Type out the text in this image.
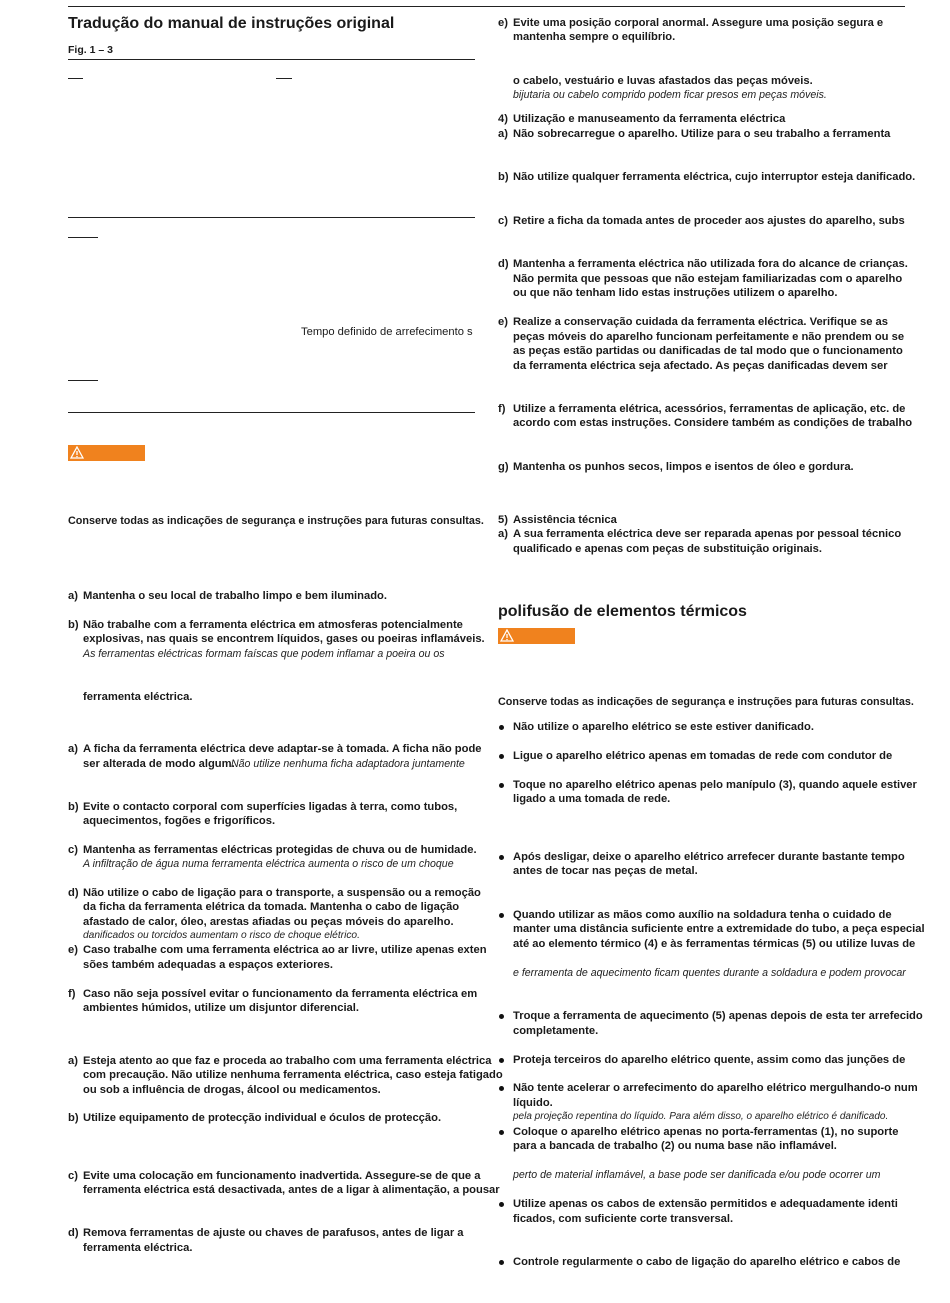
Tradução do manual de instruções original
Fig. 1 – 3
Tempo definido de arrefecimento s
Conserve todas as indicações de segurança e instruções para futuras consultas.
a) Mantenha o seu local de trabalho limpo e bem iluminado.
b) Não trabalhe com a ferramenta eléctrica em atmosferas potencialmente
explosivas, nas quais se encontrem líquidos, gases ou poeiras inflamáveis.
As ferramentas eléctricas formam faíscas que podem inflamar a poeira ou os
ferramenta eléctrica.
a) A ficha da ferramenta eléctrica deve adaptar-se à tomada. A ficha não pode
ser alterada de modo algum.
Não utilize nenhuma ficha adaptadora juntamente
b) Evite o contacto corporal com superfícies ligadas à terra, como tubos,
aquecimentos, fogões e frigoríficos.
c) Mantenha as ferramentas eléctricas protegidas de chuva ou de humidade.
A infiltração de água numa ferramenta eléctrica aumenta o risco de um choque
d) Não utilize o cabo de ligação para o transporte, a suspensão ou a remoção
da ficha da ferramenta elétrica da tomada. Mantenha o cabo de ligação
afastado de calor, óleo, arestas afiadas ou peças móveis do aparelho.
danificados ou torcidos aumentam o risco de choque elétrico.
e) Caso trabalhe com uma ferramenta eléctrica ao ar livre, utilize apenas exten
sões também adequadas a espaços exteriores.
f) Caso não seja possível evitar o funcionamento da ferramenta eléctrica em
ambientes húmidos, utilize um disjuntor diferencial.
a) Esteja atento ao que faz e proceda ao trabalho com uma ferramenta eléctrica
com precaução. Não utilize nenhuma ferramenta eléctrica, caso esteja fatigado
ou sob a influência de drogas, álcool ou medicamentos.
b) Utilize equipamento de protecção individual e óculos de protecção.
c) Evite uma colocação em funcionamento inadvertida. Assegure-se de que a
ferramenta eléctrica está desactivada, antes de a ligar à alimentação, a pousar
d) Remova ferramentas de ajuste ou chaves de parafusos, antes de ligar a
ferramenta eléctrica.
e) Evite uma posição corporal anormal. Assegure uma posição segura e
mantenha sempre o equilíbrio.
o cabelo, vestuário e luvas afastados das peças móveis.
bijutaria ou cabelo comprido podem ficar presos em peças móveis.
4) Utilização e manuseamento da ferramenta eléctrica
a) Não sobrecarregue o aparelho. Utilize para o seu trabalho a ferramenta
b) Não utilize qualquer ferramenta eléctrica, cujo interruptor esteja danificado.
c) Retire a ficha da tomada antes de proceder aos ajustes do aparelho, subs
d) Mantenha a ferramenta eléctrica não utilizada fora do alcance de crianças.
Não permita que pessoas que não estejam familiarizadas com o aparelho
ou que não tenham lido estas instruções utilizem o aparelho.
e) Realize a conservação cuidada da ferramenta eléctrica. Verifique se as
peças móveis do aparelho funcionam perfeitamente e não prendem ou se
as peças estão partidas ou danificadas de tal modo que o funcionamento
da ferramenta eléctrica seja afectado. As peças danificadas devem ser
f) Utilize a ferramenta elétrica, acessórios, ferramentas de aplicação, etc. de
acordo com estas instruções. Considere também as condições de trabalho
g) Mantenha os punhos secos, limpos e isentos de óleo e gordura.
5) Assistência técnica
a) A sua ferramenta eléctrica deve ser reparada apenas por pessoal técnico
qualificado e apenas com peças de substituição originais.
polifusão de elementos térmicos
Conserve todas as indicações de segurança e instruções para futuras consultas.
Não utilize o aparelho elétrico se este estiver danificado.
Ligue o aparelho elétrico apenas em tomadas de rede com condutor de
Toque no aparelho elétrico apenas pelo manípulo (3), quando aquele estiver
ligado a uma tomada de rede.
Após desligar, deixe o aparelho elétrico arrefecer durante bastante tempo
antes de tocar nas peças de metal.
Quando utilizar as mãos como auxílio na soldadura tenha o cuidado de
manter uma distância suficiente entre a extremidade do tubo, a peça especial
até ao elemento térmico (4) e às ferramentas térmicas (5) ou utilize luvas de
e ferramenta de aquecimento ficam quentes durante a soldadura e podem provocar
Troque a ferramenta de aquecimento (5) apenas depois de esta ter arrefecido
completamente.
Proteja terceiros do aparelho elétrico quente, assim como das junções de
Não tente acelerar o arrefecimento do aparelho elétrico mergulhando-o num
líquido.
pela projeção repentina do líquido. Para além disso, o aparelho elétrico é danificado.
Coloque o aparelho elétrico apenas no porta-ferramentas (1), no suporte
para a bancada de trabalho (2) ou numa base não inflamável.
perto de material inflamável, a base pode ser danificada e/ou pode ocorrer um
Utilize apenas os cabos de extensão permitidos e adequadamente identi
ficados, com suficiente corte transversal.
Controle regularmente o cabo de ligação do aparelho elétrico e cabos de
